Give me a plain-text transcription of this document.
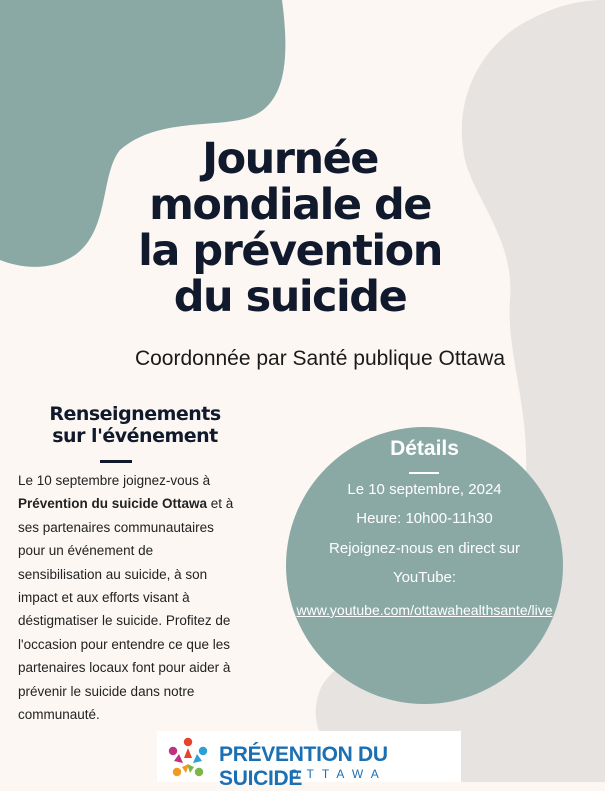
Journée
mondiale de
la prévention
du suicide
Coordonnée par Santé publique Ottawa
Renseignements
sur l'événement
Le 10 septembre joignez-vous à Prévention du suicide Ottawa et à ses partenaires communautaires pour un événement de sensibilisation au suicide, à son impact et aux efforts visant à déstigmatiser le suicide. Profitez de l'occasion pour entendre ce que les partenaires locaux font pour aider à prévenir le suicide dans notre communauté.
Détails
Le 10 septembre, 2024
Heure: 10h00-11h30
Rejoignez-nous en direct sur
YouTube:
www.youtube.com/ottawahealthsante/live
PRÉVENTION DU SUICIDE
OTTAWA
